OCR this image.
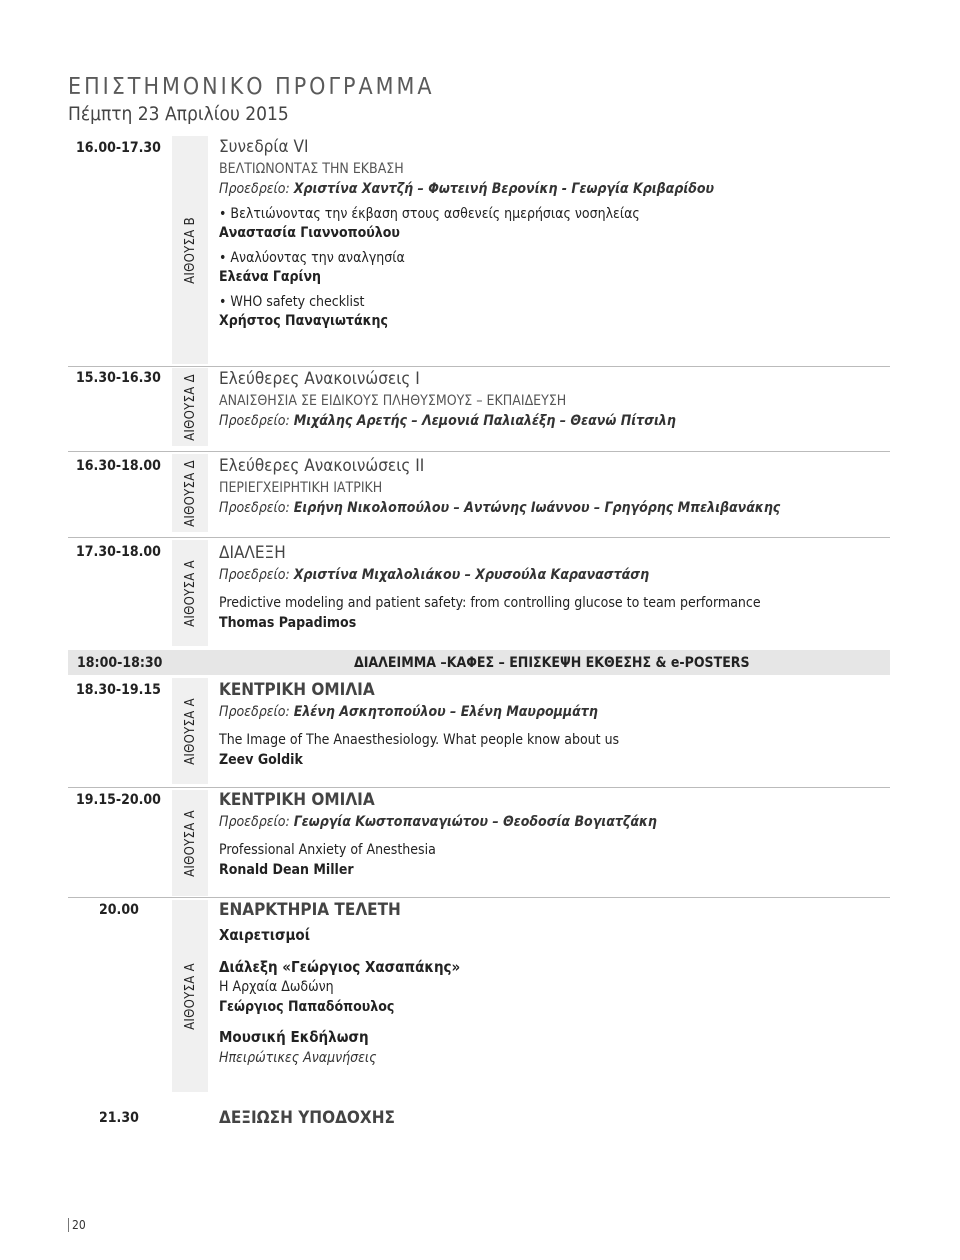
ΕΠΙΣΤΗΜΟΝΙΚΟ ΠΡΟΓΡΑΜΜΑ
Πέμπτη 23 Απριλίου 2015
16.00-17.30
ΑΙΘΟΥΣΑ Β
Συνεδρία VI
ΒΕΛΤΙΩΝΟΝΤΑΣ ΤΗΝ ΕΚΒΑΣΗ
Προεδρείο: Χριστίνα Χαντζή – Φωτεινή Βερονίκη - Γεωργία Κριβαρίδου
• Βελτιώνοντας την έκβαση στους ασθενείς ημερήσιας νοσηλείας
Αναστασία Γιαννοπούλου
• Αναλύοντας την αναλγησία
Ελεάνα Γαρίνη
• WHO safety checklist
Χρήστος Παναγιωτάκης
15.30-16.30 ΑΙΘΟΥΣΑ Δ Ελεύθερες Ανακοινώσεις Ι
ΑΝΑΙΣΘΗΣΙΑ ΣΕ ΕΙΔΙΚΟΥΣ ΠΛΗΘΥΣΜΟΥΣ – ΕΚΠΑΙΔΕΥΣΗ
Προεδρείο: Μιχάλης Αρετής – Λεμονιά Παλιαλέξη – Θεανώ Πίτσιλη
16.30-18.00 ΑΙΘΟΥΣΑ Δ Ελεύθερες Ανακοινώσεις ΙΙ
ΠΕΡΙΕΓΧΕΙΡΗΤΙΚΗ ΙΑΤΡΙΚΗ
Προεδρείο: Ειρήνη Νικολοπούλου – Αντώνης Ιωάννου – Γρηγόρης Μπελιβανάκης
17.30-18.00
ΑΙΘΟΥΣΑ Α
ΔΙΑΛΕΞΗ
Προεδρείο: Χριστίνα Μιχαλολιάκου – Χρυσούλα Καραναστάση
Predictive modeling and patient safety: from controlling glucose to team performance
Thomas Papadimos
18:00-18:30	ΔΙΑΛΕΙΜΜΑ –ΚΑΦΕΣ – ΕΠΙΣΚΕΨΗ ΕΚΘΕΣΗΣ & e-POSTERS
18.30-19.15
ΑΙΘΟΥΣΑ Α
ΚΕΝΤΡΙΚΗ ΟΜΙΛΙΑ
Προεδρείο: Ελένη Ασκητοπούλου – Ελένη Μαυρομμάτη
The Image of The Anaesthesiology. What people know about us
Zeev Goldik
19.15-20.00
ΑΙΘΟΥΣΑ Α
ΚΕΝΤΡΙΚΗ ΟΜΙΛΙΑ
Προεδρείο: Γεωργία Κωστοπαναγιώτου – Θεοδοσία Βογιατζάκη
Professional Anxiety of Anesthesia
Ronald Dean Miller
20.00
ΑΙΘΟΥΣΑ Α
ΕΝΑΡΚΤΗΡΙΑ ΤΕΛΕΤΗ
Χαιρετισμοί
Διάλεξη «Γεώργιος Χασαπάκης»
Η Αρχαία Δωδώνη
Γεώργιος Παπαδόπουλος
Μουσική Εκδήλωση
Ηπειρώτικες Αναμνήσεις
21.30	ΔΕΞΙΩΣΗ ΥΠΟΔΟΧΗΣ
20
